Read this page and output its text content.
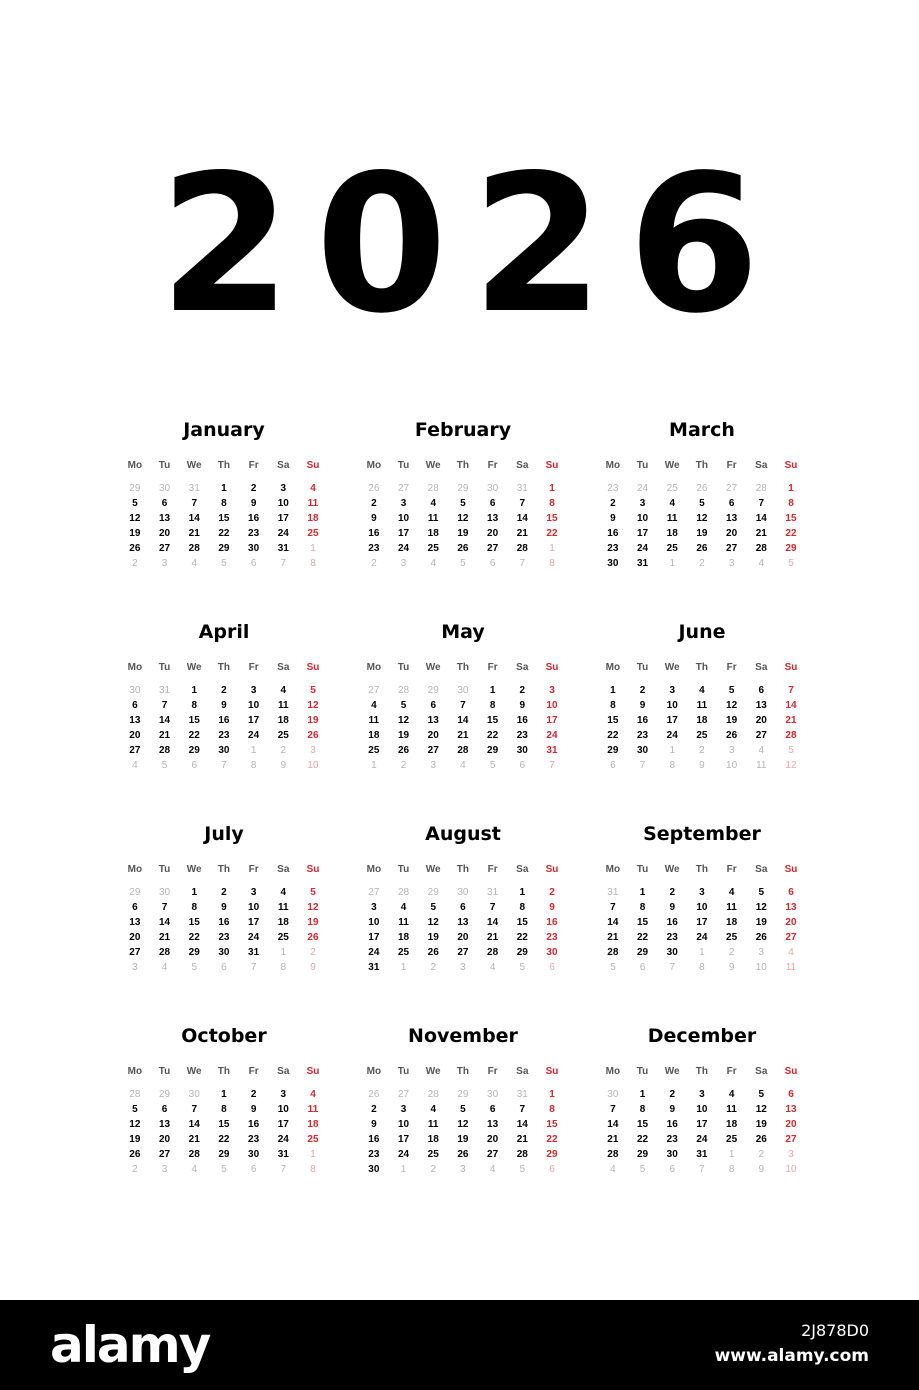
2026
January
Mo	Tu	We	Th	Fr	Sa	Su
29	30	31	1	2	3	4
5	6	7	8	9	10	11
12	13	14	15	16	17	18
19	20	21	22	23	24	25
26	27	28	29	30	31	1
2	3	4	5	6	7	8
February
Mo	Tu	We	Th	Fr	Sa	Su
26	27	28	29	30	31	1
2	3	4	5	6	7	8
9	10	11	12	13	14	15
16	17	18	19	20	21	22
23	24	25	26	27	28	1
2	3	4	5	6	7	8
March
Mo	Tu	We	Th	Fr	Sa	Su
23	24	25	26	27	28	1
2	3	4	5	6	7	8
9	10	11	12	13	14	15
16	17	18	19	20	21	22
23	24	25	26	27	28	29
30	31	1	2	3	4	5
April
Mo	Tu	We	Th	Fr	Sa	Su
30	31	1	2	3	4	5
6	7	8	9	10	11	12
13	14	15	16	17	18	19
20	21	22	23	24	25	26
27	28	29	30	1	2	3
4	5	6	7	8	9	10
May
Mo	Tu	We	Th	Fr	Sa	Su
27	28	29	30	1	2	3
4	5	6	7	8	9	10
11	12	13	14	15	16	17
18	19	20	21	22	23	24
25	26	27	28	29	30	31
1	2	3	4	5	6	7
June
Mo	Tu	We	Th	Fr	Sa	Su
1	2	3	4	5	6	7
8	9	10	11	12	13	14
15	16	17	18	19	20	21
22	23	24	25	26	27	28
29	30	1	2	3	4	5
6	7	8	9	10	11	12
July
Mo	Tu	We	Th	Fr	Sa	Su
29	30	1	2	3	4	5
6	7	8	9	10	11	12
13	14	15	16	17	18	19
20	21	22	23	24	25	26
27	28	29	30	31	1	2
3	4	5	6	7	8	9
August
Mo	Tu	We	Th	Fr	Sa	Su
27	28	29	30	31	1	2
3	4	5	6	7	8	9
10	11	12	13	14	15	16
17	18	19	20	21	22	23
24	25	26	27	28	29	30
31	1	2	3	4	5	6
September
Mo	Tu	We	Th	Fr	Sa	Su
31	1	2	3	4	5	6
7	8	9	10	11	12	13
14	15	16	17	18	19	20
21	22	23	24	25	26	27
28	29	30	1	2	3	4
5	6	7	8	9	10	11
October
Mo	Tu	We	Th	Fr	Sa	Su
28	29	30	1	2	3	4
5	6	7	8	9	10	11
12	13	14	15	16	17	18
19	20	21	22	23	24	25
26	27	28	29	30	31	1
2	3	4	5	6	7	8
November
Mo	Tu	We	Th	Fr	Sa	Su
26	27	28	29	30	31	1
2	3	4	5	6	7	8
9	10	11	12	13	14	15
16	17	18	19	20	21	22
23	24	25	26	27	28	29
30	1	2	3	4	5	6
December
Mo	Tu	We	Th	Fr	Sa	Su
30	1	2	3	4	5	6
7	8	9	10	11	12	13
14	15	16	17	18	19	20
21	22	23	24	25	26	27
28	29	30	31	1	2	3
4	5	6	7	8	9	10
alamy	2J878D0
www.alamy.com
